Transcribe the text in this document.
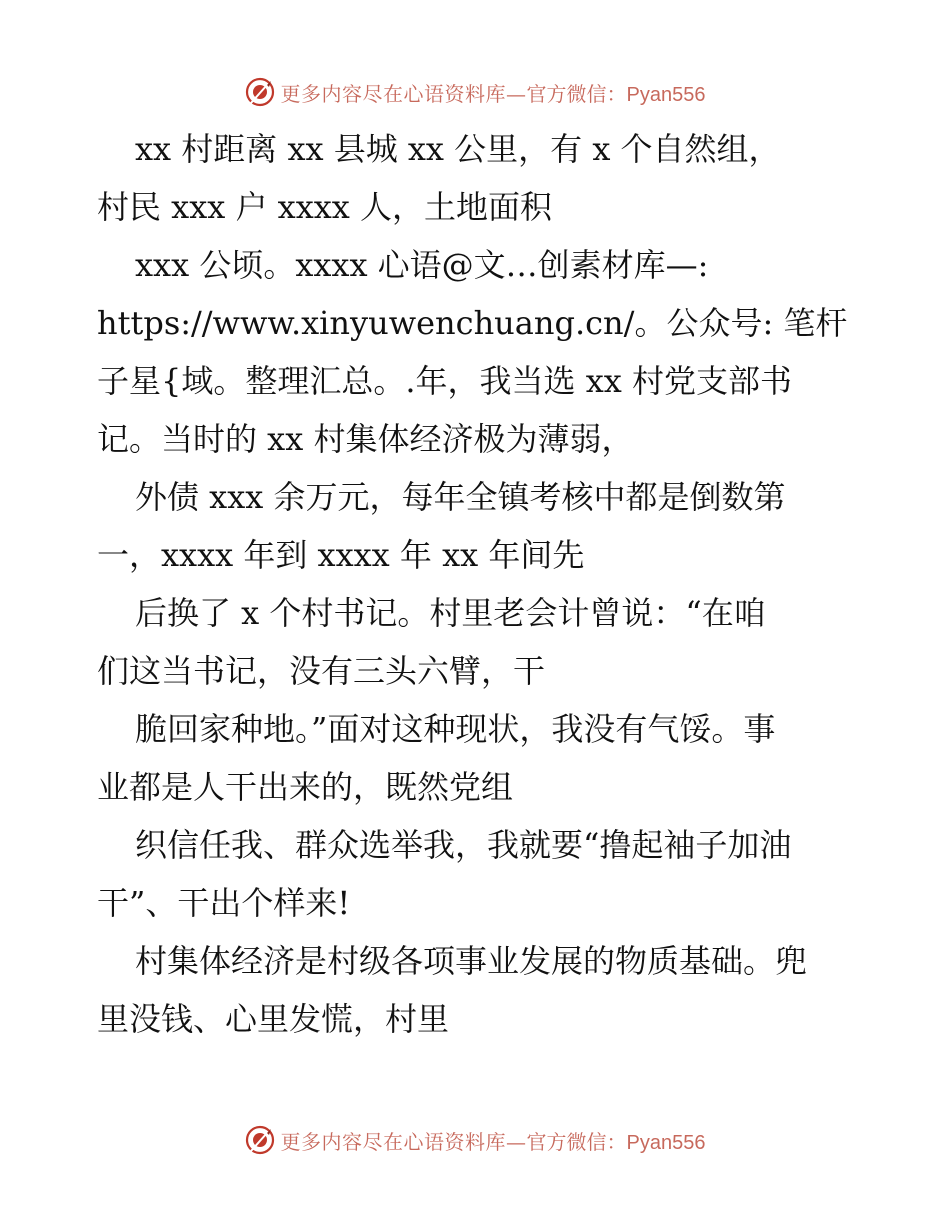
更多内容尽在心语资料库— 官方微信：Pyan556
xx 村距离 xx 县城 xx 公里，有 x 个自然组，
村民 xxx 户 xxxx 人，土地面积
xxx 公顷。xxxx 心语@文…创素材库—:
https://www.xinyuwenchuang.cn/。公众号: 笔杆
子星{域。整理汇总。.年，我当选 xx 村党支部书
记。当时的 xx 村集体经济极为薄弱，
外债 xxx 余万元，每年全镇考核中都是倒数第
一，xxxx 年到 xxxx 年 xx 年间先
后换了 x 个村书记。村里老会计曾说：“在咱
们这当书记，没有三头六臂，干
脆回家种地。”面对这种现状，我没有气馁。事
业都是人干出来的，既然党组
织信任我、群众选举我，我就要“撸起袖子加油
干”、干出个样来!
村集体经济是村级各项事业发展的物质基础。兜
里没钱、心里发慌，村里
更多内容尽在心语资料库— 官方微信：Pyan556
